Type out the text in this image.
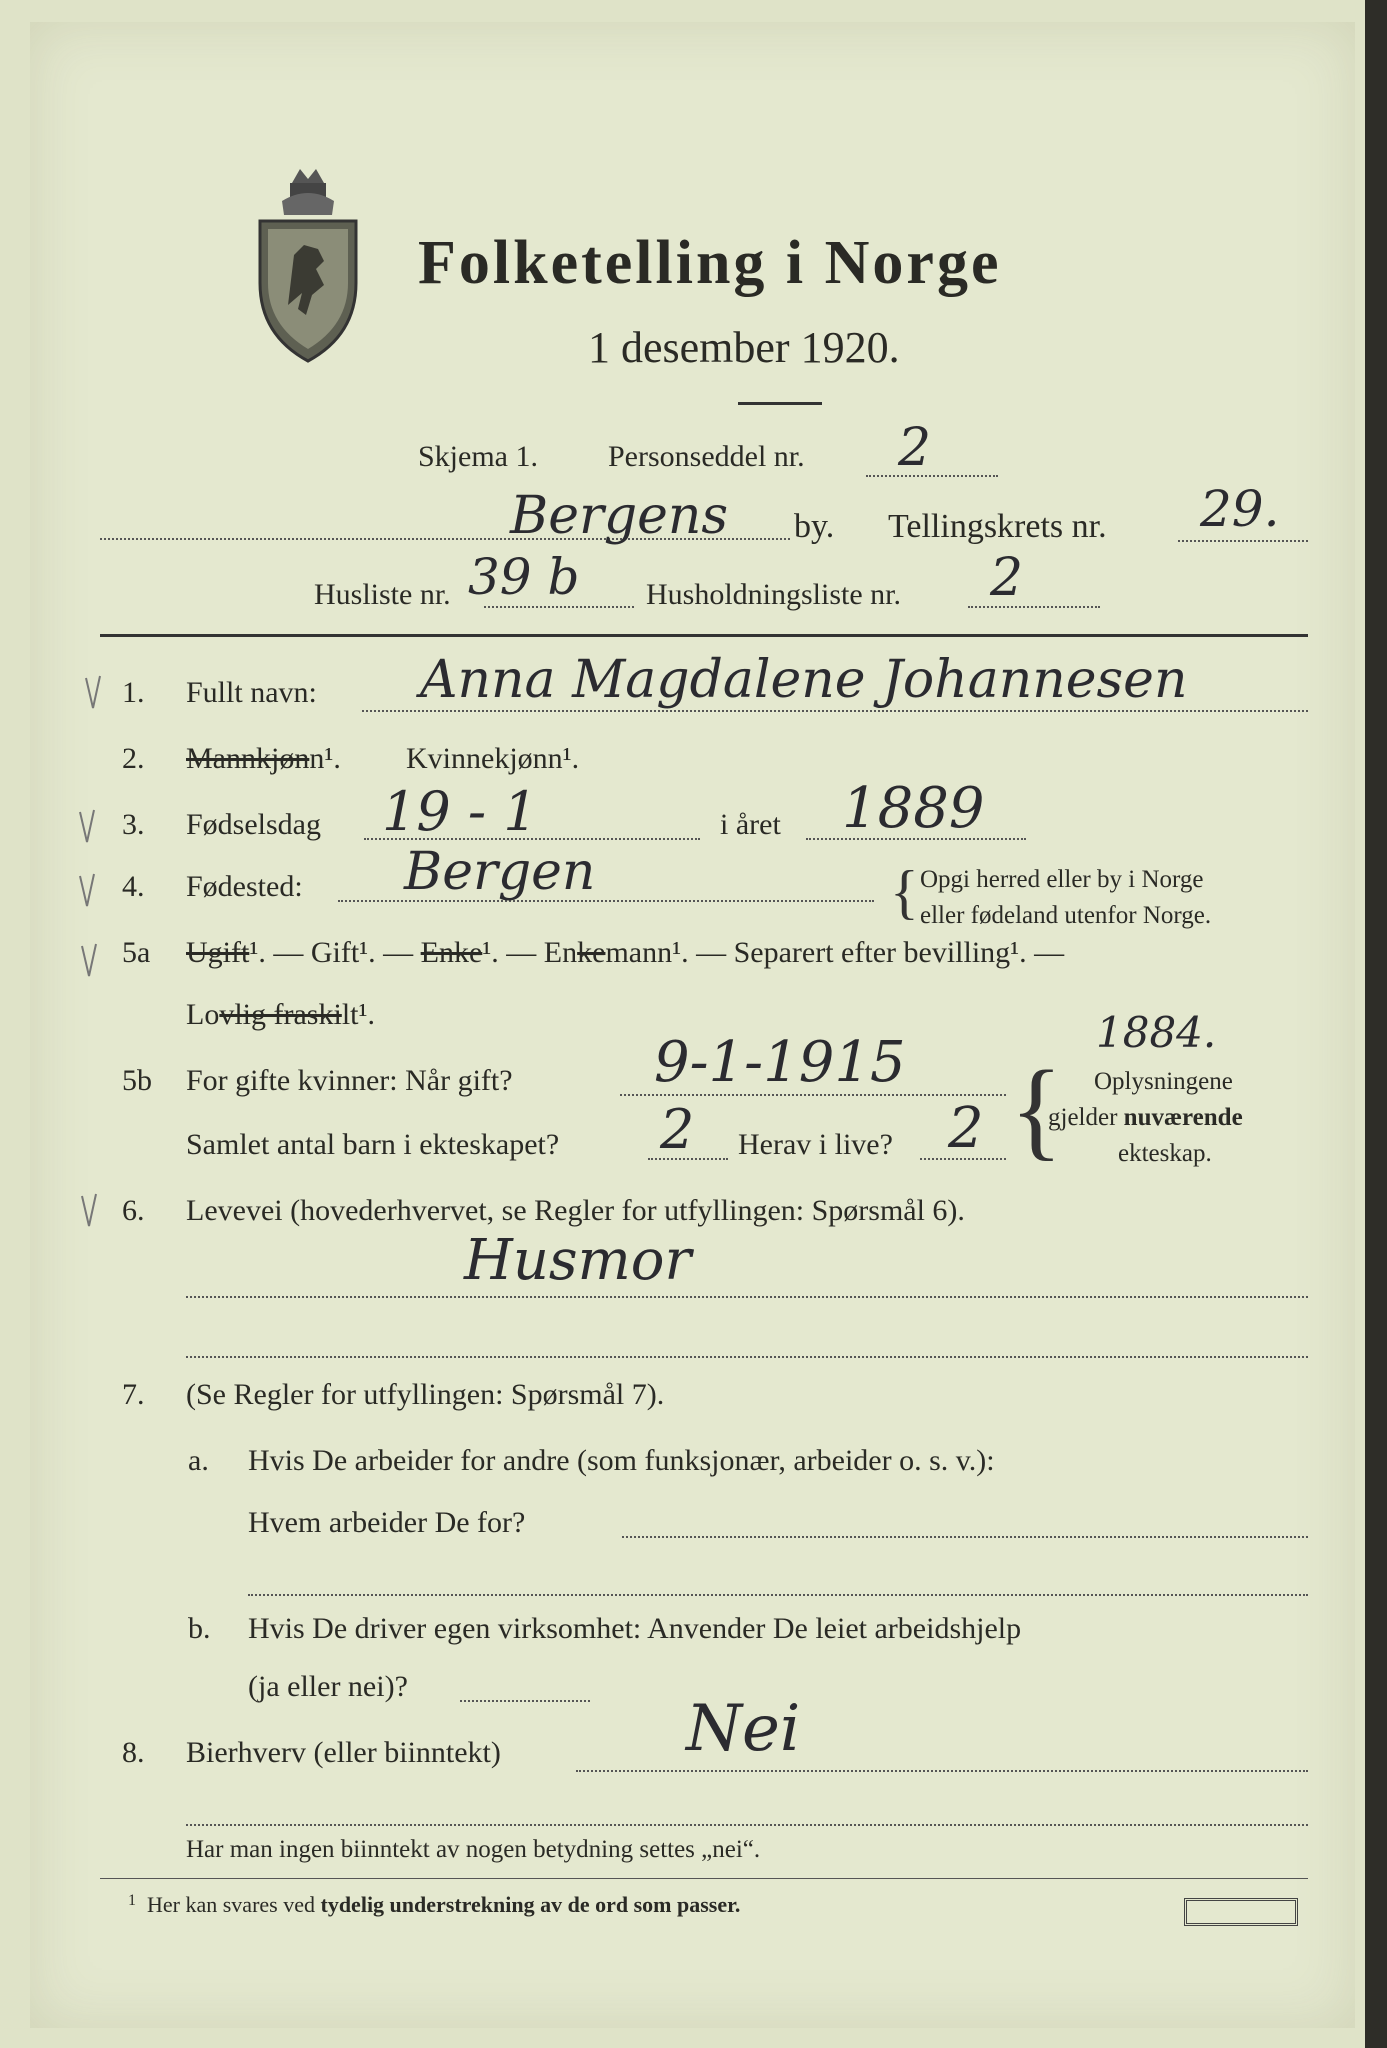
Folketelling i Norge
1 desember 1920.
Skjema 1. Personseddel nr. 2
Bergens by. Tellingskrets nr. 29.
Husliste nr. 39 b Husholdningsliste nr. 2
1. Fullt navn: Anna Magdalene Johannesen
2. Mannkjønn¹. Kvinnekjønn¹.
3. Fødselsdag 19 - 1	i året 1889
4. Fødested: Bergen	{ Opgi herred eller by i Norge
eller fødeland utenfor Norge.
5a Ugift¹. — Gift¹. — Enke¹. — Enkemann¹. — Separert efter bevilling¹. —
Lovlig fraskilt¹.
5b For gifte kvinner: Når gift?	9-1-1915	1884.
Samlet antal barn i ekteskapet? 2 Herav i live? 2 { Oplysningene
gjelder nuværende
ekteskap.
6. Levevei (hovederhvervet, se Regler for utfyllingen: Spørsmål 6).
Husmor
7. (Se Regler for utfyllingen: Spørsmål 7).
a. Hvis De arbeider for andre (som funksjonær, arbeider o. s. v.):
Hvem arbeider De for?
b. Hvis De driver egen virksomhet: Anvender De leiet arbeidshjelp
(ja eller nei)?
8. Bierhverv (eller biinntekt)	Nei
Har man ingen biinntekt av nogen betydning settes „nei“.
$^1$ Her kan svares ved tydelig understrekning av de ord som passer.
